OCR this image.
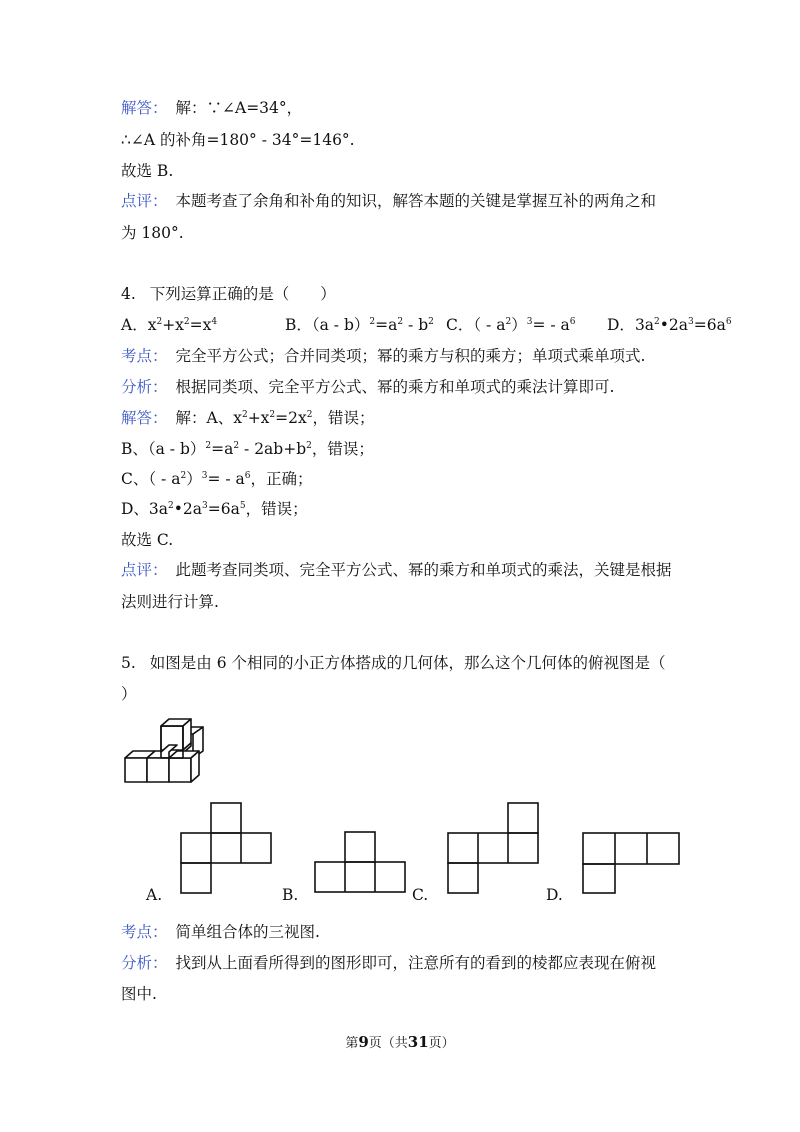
解答： 解：∵∠A=34°，
∴∠A 的补角=180° - 34°=146°.
故选 B.
点评： 本题考查了余角和补角的知识，解答本题的关键是掌握互补的两角之和
为 180°.
4. 下列运算正确的是（　　）
A．$x^2+x^2=x^4$	B．$(a - b)^2=a^2 - b^2$ C．（ - $a^2)^3= - a^6$ D．$3a^2•2a^3=6a^6$
考点： 完全平方公式；合并同类项；幂的乘方与积的乘方；单项式乘单项式.
分析： 根据同类项、完全平方公式、幂的乘方和单项式的乘法计算即可.
解答： 解：A、$x^2+x^2=2x^2$，错误；
B、$(a - b)^2=a^2 - 2ab+b^2$，错误；
C、（ - $a^2)^3= - a^6$，正确；
D、$3a^2•2a^3=6a^5$，错误；
故选 C.
点评： 此题考查同类项、完全平方公式、幂的乘方和单项式的乘法，关键是根据
法则进行计算.
5. 如图是由 6 个相同的小正方体搭成的几何体，那么这个几何体的俯视图是（
）
A.	B.	C.	D.
考点： 简单组合体的三视图.
分析： 找到从上面看所得到的图形即可，注意所有的看到的棱都应表现在俯视
图中.
第9页（共31页）
